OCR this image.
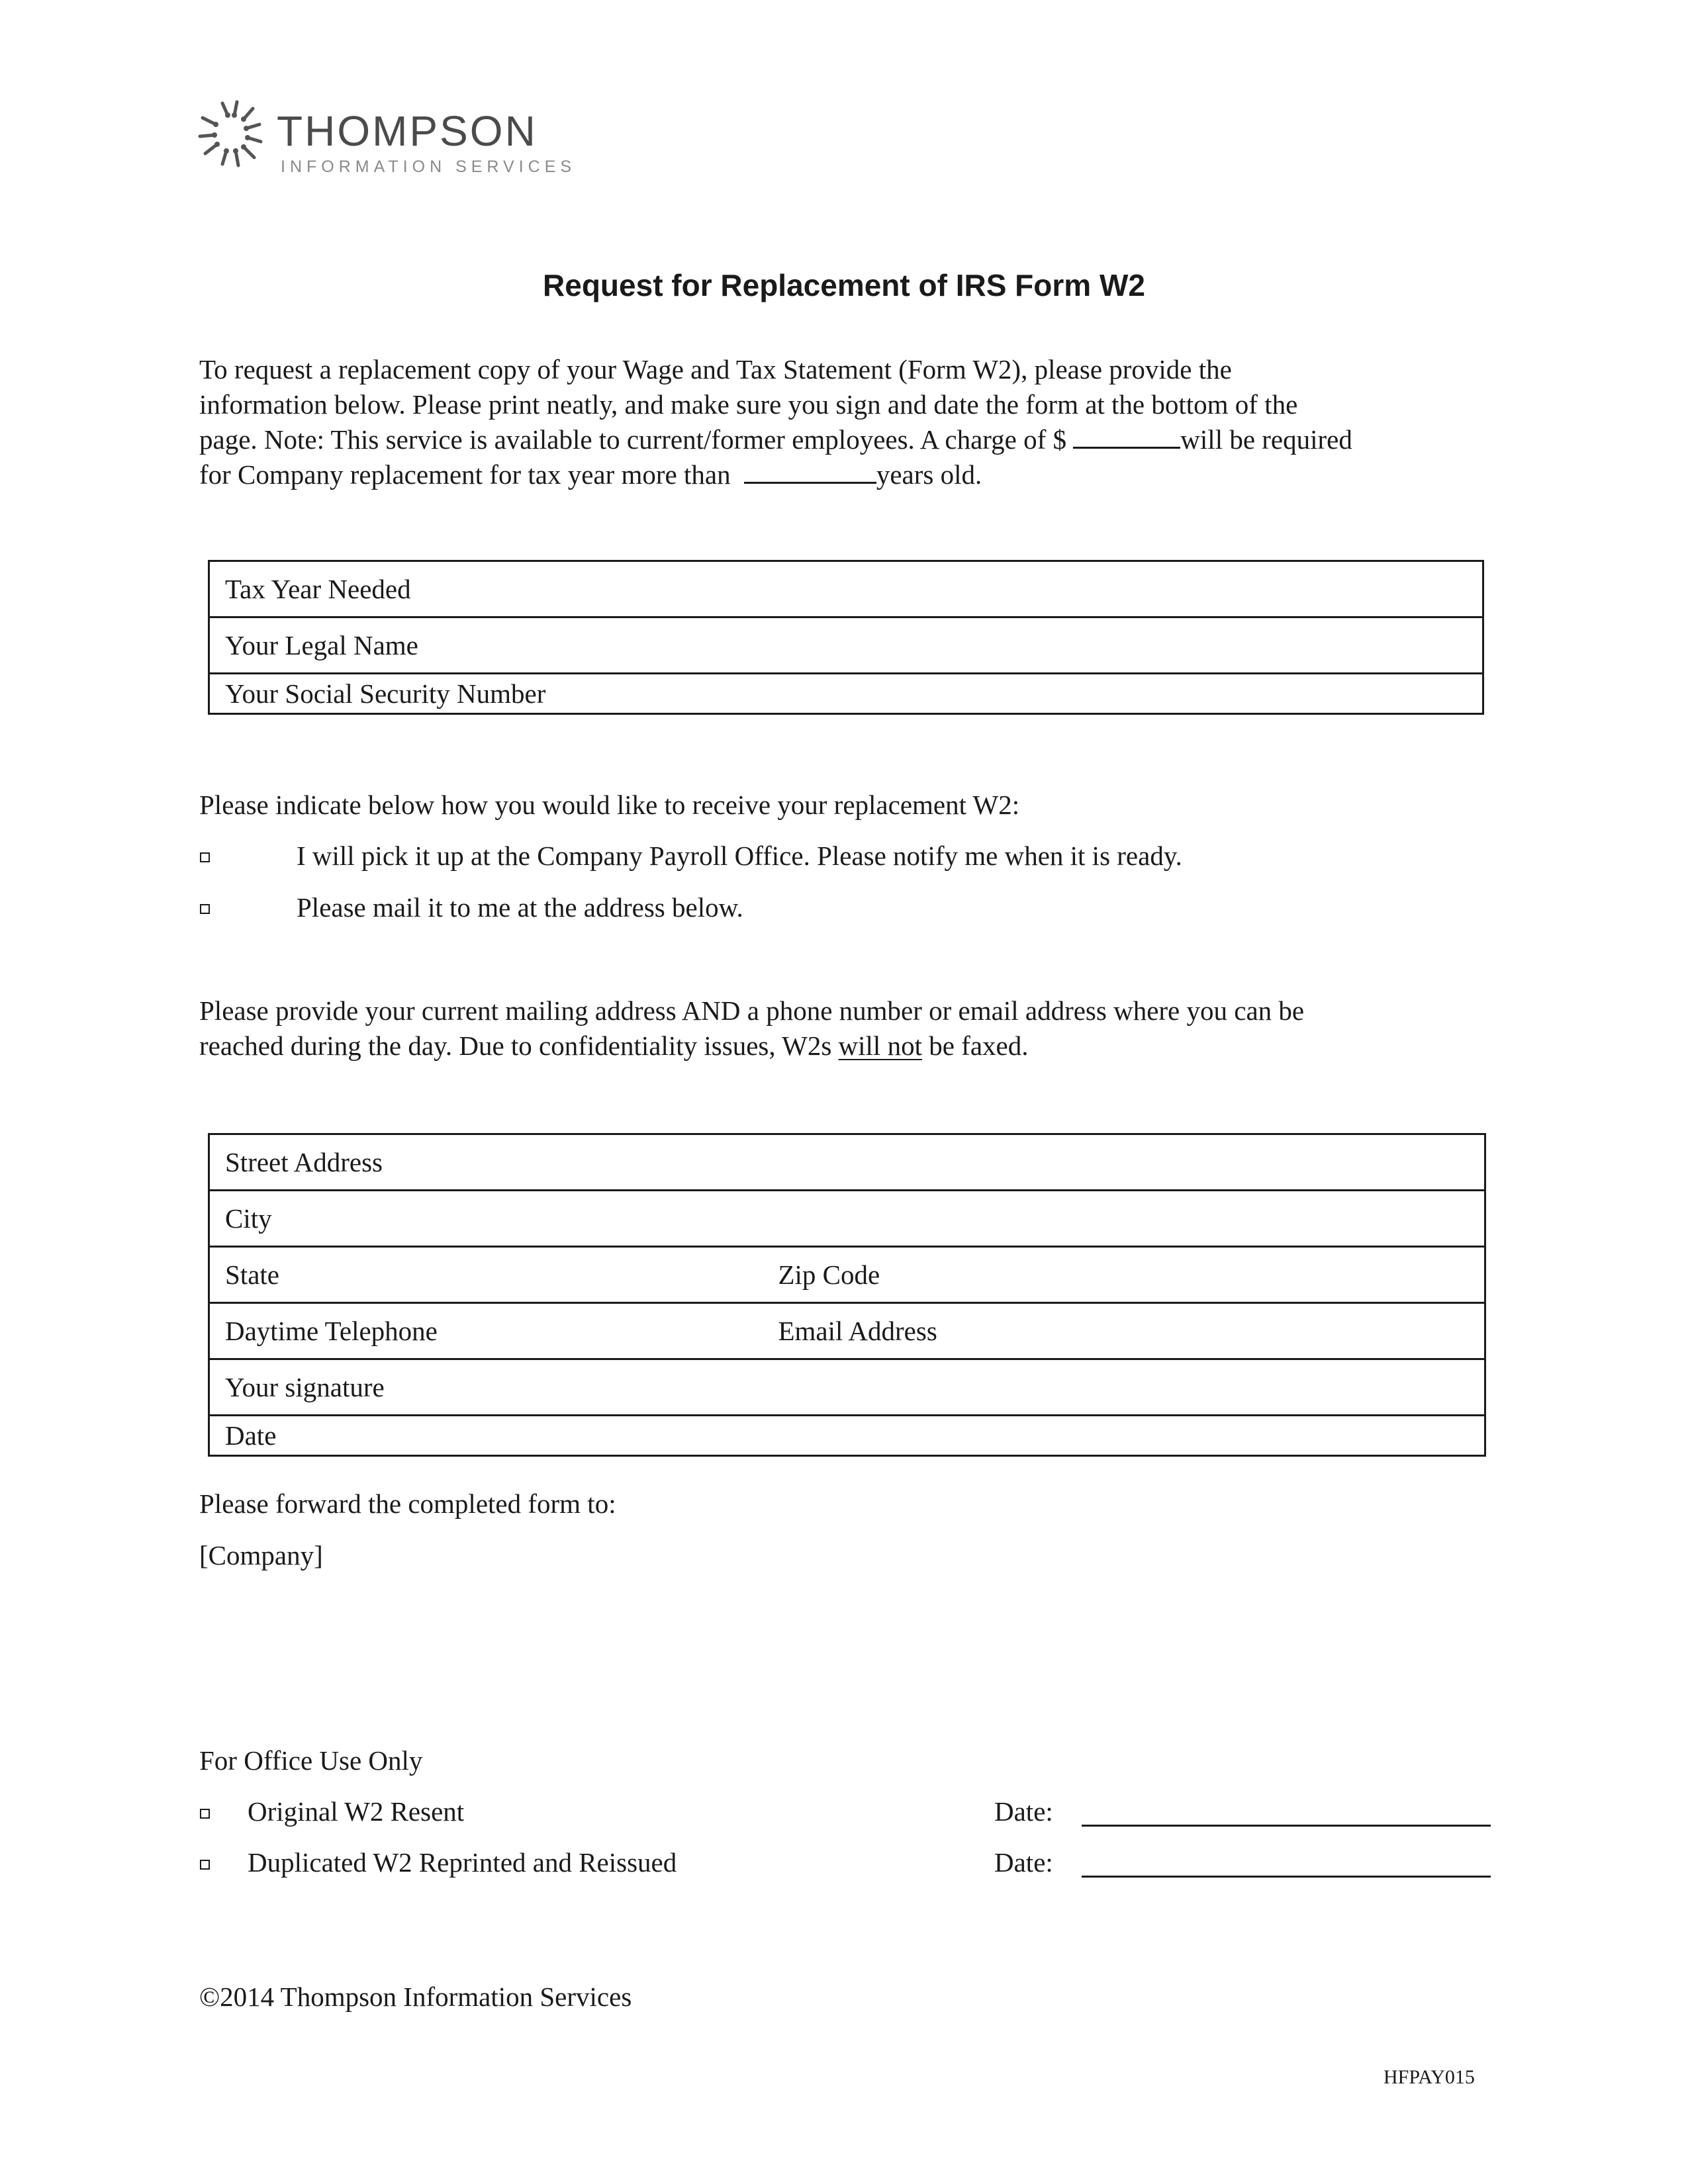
THOMPSON
INFORMATION SERVICES
Request for Replacement of IRS Form W2

To request a replacement copy of your Wage and Tax Statement (Form W2), please provide the
information below. Please print neatly, and make sure you sign and date the form at the bottom of the
page. Note: This service is available to current/former employees. A charge of $	will be required
for Company replacement for tax year more than	years old.

Tax Year Needed
Your Legal Name
Your Social Security Number
Please indicate below how you would like to receive your replacement W2:
I will pick it up at the Company Payroll Office. Please notify me when it is ready.
Please mail it to me at the address below.
Please provide your current mailing address AND a phone number or email address where you can be
reached during the day. Due to confidentiality issues, W2s will not be faxed.
Street Address	
City	
State	Zip Code
Daytime Telephone	Email Address
Your signature	
Date	
Please forward the completed form to:
[Company]
For Office Use Only
Original W2 Resent	Date:
Duplicated W2 Reprinted and Reissued	Date:
©2014 Thompson Information Services
HFPAY015
